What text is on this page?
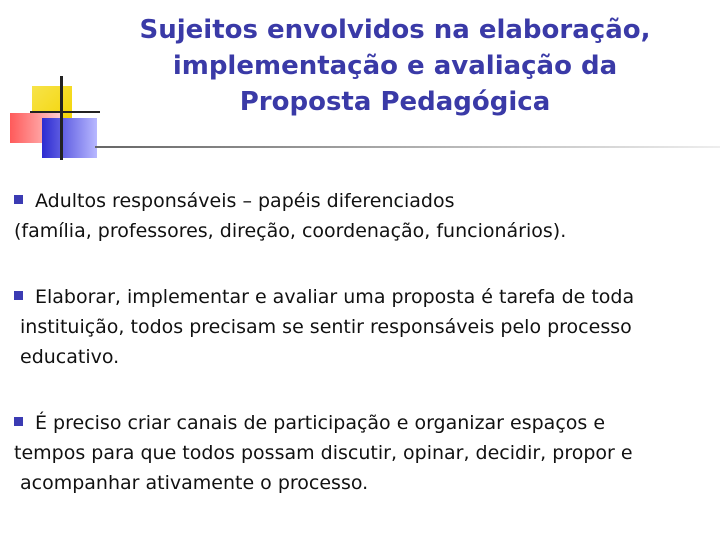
Sujeitos envolvidos na elaboração,
implementação e avaliação da
Proposta Pedagógica
Adultos responsáveis – papéis diferenciados
(família, professores, direção, coordenação, funcionários).
Elaborar, implementar e avaliar uma proposta é tarefa de toda
instituição, todos precisam se sentir responsáveis pelo processo
educativo.
É preciso criar canais de participação e organizar espaços e
tempos para que todos possam discutir, opinar, decidir, propor e
acompanhar ativamente o processo.
